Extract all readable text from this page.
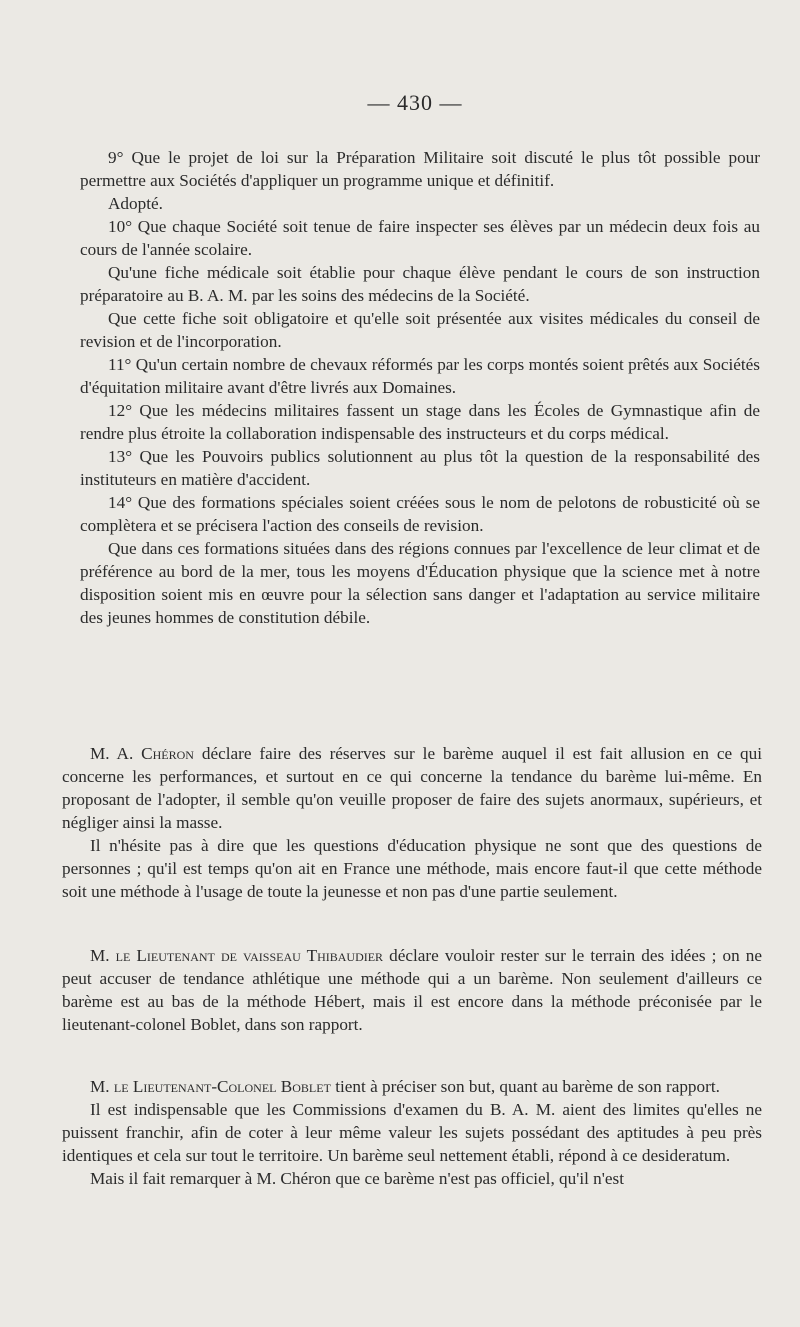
— 430 —

9° Que le projet de loi sur la Préparation Militaire soit discuté le plus tôt possible pour permettre aux Sociétés d'appliquer un programme unique et définitif.

Adopté.

10° Que chaque Société soit tenue de faire inspecter ses élèves par un médecin deux fois au cours de l'année scolaire.

Qu'une fiche médicale soit établie pour chaque élève pendant le cours de son instruction préparatoire au B. A. M. par les soins des médecins de la Société.

Que cette fiche soit obligatoire et qu'elle soit présentée aux visites médicales du conseil de revision et de l'incorporation.

11° Qu'un certain nombre de chevaux réformés par les corps montés soient prêtés aux Sociétés d'équitation militaire avant d'être livrés aux Domaines.

12° Que les médecins militaires fassent un stage dans les Écoles de Gymnastique afin de rendre plus étroite la collaboration indispensable des instructeurs et du corps médical.

13° Que les Pouvoirs publics solutionnent au plus tôt la question de la responsabilité des instituteurs en matière d'accident.

14° Que des formations spéciales soient créées sous le nom de pelotons de robusticité où se complètera et se précisera l'action des conseils de revision.

Que dans ces formations situées dans des régions connues par l'excellence de leur climat et de préférence au bord de la mer, tous les moyens d'Éducation physique que la science met à notre disposition soient mis en œuvre pour la sélection sans danger et l'adaptation au service militaire des jeunes hommes de constitution débile.

M. A. Chéron déclare faire des réserves sur le barème auquel il est fait allusion en ce qui concerne les performances, et surtout en ce qui concerne la tendance du barème lui-même. En proposant de l'adopter, il semble qu'on veuille proposer de faire des sujets anormaux, supérieurs, et négliger ainsi la masse.

Il n'hésite pas à dire que les questions d'éducation physique ne sont que des questions de personnes ; qu'il est temps qu'on ait en France une méthode, mais encore faut-il que cette méthode soit une méthode à l'usage de toute la jeunesse et non pas d'une partie seulement.

M. le Lieutenant de vaisseau Thibaudier déclare vouloir rester sur le terrain des idées ; on ne peut accuser de tendance athlétique une méthode qui a un barème. Non seulement d'ailleurs ce barème est au bas de la méthode Hébert, mais il est encore dans la méthode préconisée par le lieutenant-colonel Boblet, dans son rapport.

M. le Lieutenant-Colonel Boblet tient à préciser son but, quant au barème de son rapport.

Il est indispensable que les Commissions d'examen du B. A. M. aient des limites qu'elles ne puissent franchir, afin de coter à leur même valeur les sujets possédant des aptitudes à peu près identiques et cela sur tout le territoire. Un barème seul nettement établi, répond à ce desideratum.

Mais il fait remarquer à M. Chéron que ce barème n'est pas officiel, qu'il n'est
